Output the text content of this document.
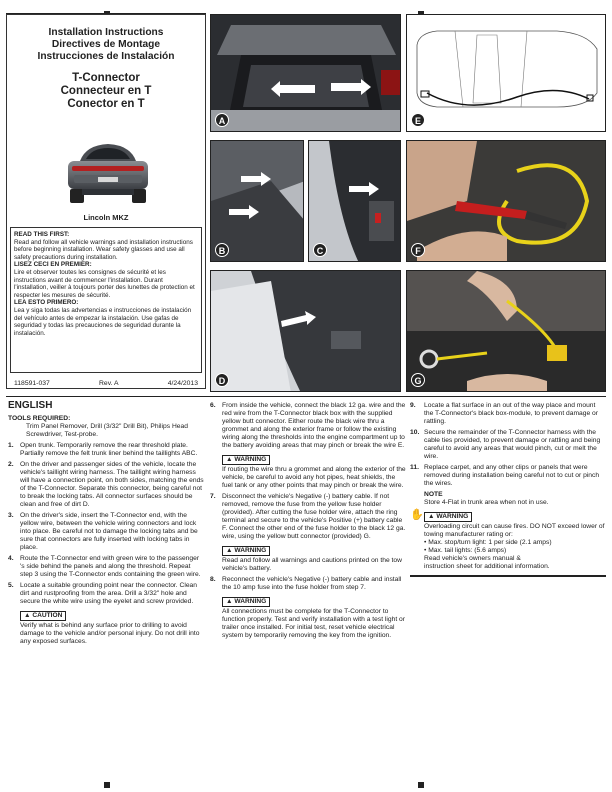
Installation Instructions
Directives de Montage
Instrucciones de Instalación
T-Connector
Connecteur en T
Conector en T
Lincoln MKZ
READ THIS FIRST:
Read and follow all vehicle warnings and installation instructions before beginning installation. Wear safety glasses and use all safety precautions during installation.
LISEZ CECI EN PREMIER:
Lire et observer toutes les consignes de sécurité et les instructions avant de commencer l'installation. Durant l'installation, veiller à toujours porter des lunettes de protection et respecter les mesures de sécurité.
LEA ESTO PRIMERO:
Lea y siga todas las advertencias e instrucciones de instalación del vehículo antes de empezar la instalación. Use gafas de seguridad y todas las precauciones de seguridad durante la instalación.
118591-037	Rev. A	4/24/2013
A	E
B	C	F
D	G
ENGLISH
TOOLS REQUIRED:
Trim Panel Remover, Drill (3/32" Drill Bit), Philips Head Screwdriver, Test-probe.
1. Open trunk. Temporarily remove the rear threshold plate. Partially remove the felt trunk liner behind the taillights ABC.
2. On the driver and passenger sides of the vehicle, locate the vehicle's taillight wiring harness. The taillight wiring harness will have a connection point, on both sides, matching the ends of the T-Connector. Separate this connector, being careful not to break the locking tabs. All connector surfaces should be clean and free of dirt D.
3. On the driver's side, insert the T-Connector end, with the yellow wire, between the vehicle wiring connectors and lock into place. Be careful not to damage the locking tabs and be sure that connectors are fully inserted with locking tabs in place.
4. Route the T-Connector end with green wire to the passenger 's side behind the panels and along the threshold. Repeat step 3 using the T-Connector ends containing the green wire.
5. Locate a suitable grounding point near the connector. Clean dirt and rustproofing from the area. Drill a 3/32" hole and secure the white wire using the eyelet and screw provided.
▲ CAUTION
Verify what is behind any surface prior to drilling to avoid damage to the vehicle and/or personal injury. Do not drill into any exposed surfaces.
6. From inside the vehicle, connect the black 12 ga. wire and the red wire from the T-Connector black box with the supplied yellow butt connector. Either route the black wire thru a grommet and along the exterior frame or follow the existing wiring along the thresholds into the engine compartment up to the battery avoiding areas that may pinch or break the wire E.
▲ WARNING
If routing the wire thru a grommet and along the exterior of the vehicle, be careful to avoid any hot pipes, heat shields, the fuel tank or any other points that may pinch or break the wire.
7. Disconnect the vehicle's Negative (-) battery cable. If not removed, remove the fuse from the yellow fuse holder (provided). After cutting the fuse holder wire, attach the ring terminal and secure to the vehicle's Positive (+) battery cable F. Connect the other end of the fuse holder to the black 12 ga. wire, using the yellow butt connector (provided) G.
▲ WARNING
Read and follow all warnings and cautions printed on the tow vehicle's battery.
8. Reconnect the vehicle's Negative (-) battery cable and install the 10 amp fuse into the fuse holder from step 7.
▲ WARNING
All connections must be complete for the T-Connector to function properly. Test and verify installation with a test light or trailer once installed. For initial test, reset vehicle electrical system by temporarily removing the key from the ignition.
9.	Locate a flat surface in an out of the way place and mount the T-Connector's black box-module, to prevent damage or rattling.
10. Secure the remainder of the T-Connector harness with the cable ties provided, to prevent damage or rattling and being careful to avoid any areas that would pinch, cut or melt the wire.
11. Replace carpet, and any other clips or panels that were removed during installation being careful not to cut or pinch the wires.
NOTE
Store 4-Flat in trunk area when not in use.
✋ ▲ WARNING
Overloading circuit can cause fires. DO NOT exceed lower of towing manufacturer rating or:
• Max. stop/turn light: 1 per side (2.1 amps)
• Max. tail lights: (5.6 amps)
Read vehicle's owners manual &
instruction sheet for additional information.
